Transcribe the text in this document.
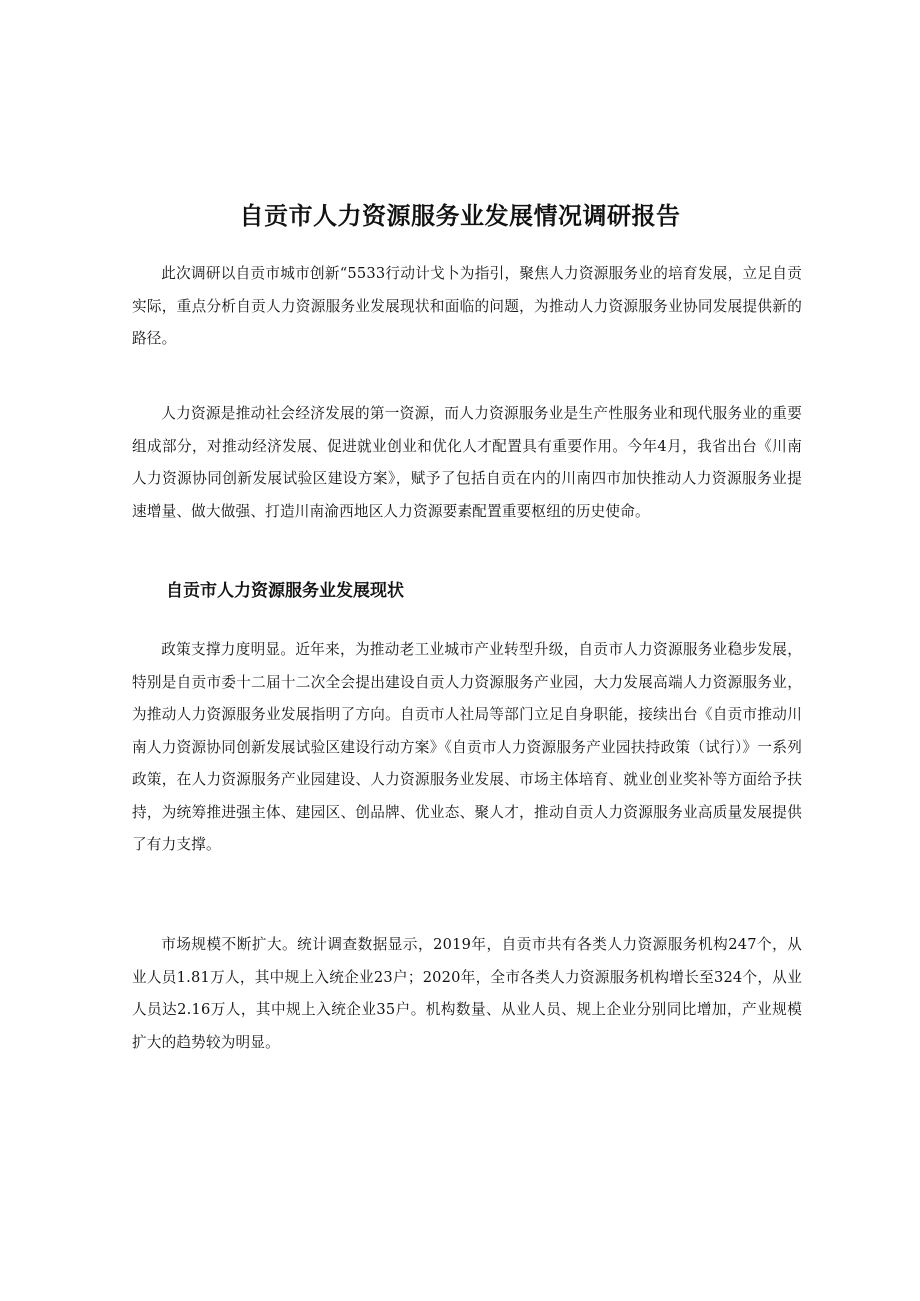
自贡市人力资源服务业发展情况调研报告

此次调研以自贡市城市创新“5533行动计戈卜为指引，聚焦人力资源服务业的培育发展，立足自贡实际，重点分析自贡人力资源服务业发展现状和面临的问题，为推动人力资源服务业协同发展提供新的路径。

人力资源是推动社会经济发展的第一资源，而人力资源服务业是生产性服务业和现代服务业的重要组成部分，对推动经济发展、促进就业创业和优化人才配置具有重要作用。今年4月，我省出台《川南人力资源协同创新发展试验区建设方案》，赋予了包括自贡在内的川南四市加快推动人力资源服务业提速增量、做大做强、打造川南渝西地区人力资源要素配置重要枢纽的历史使命。

自贡市人力资源服务业发展现状

政策支撑力度明显。近年来，为推动老工业城市产业转型升级，自贡市人力资源服务业稳步发展，特别是自贡市委十二届十二次全会提出建设自贡人力资源服务产业园，大力发展高端人力资源服务业，为推动人力资源服务业发展指明了方向。自贡市人社局等部门立足自身职能，接续出台《自贡市推动川南人力资源协同创新发展试验区建设行动方案》《自贡市人力资源服务产业园扶持政策（试行）》一系列政策，在人力资源服务产业园建设、人力资源服务业发展、市场主体培育、就业创业奖补等方面给予扶持，为统筹推进强主体、建园区、创品牌、优业态、聚人才，推动自贡人力资源服务业高质量发展提供了有力支撑。

市场规模不断扩大。统计调查数据显示，2019年，自贡市共有各类人力资源服务机构247个，从业人员1.81万人，其中规上入统企业23户；2020年，全市各类人力资源服务机构增长至324个，从业人员达2.16万人，其中规上入统企业35户。机构数量、从业人员、规上企业分别同比增加，产业规模扩大的趋势较为明显。
